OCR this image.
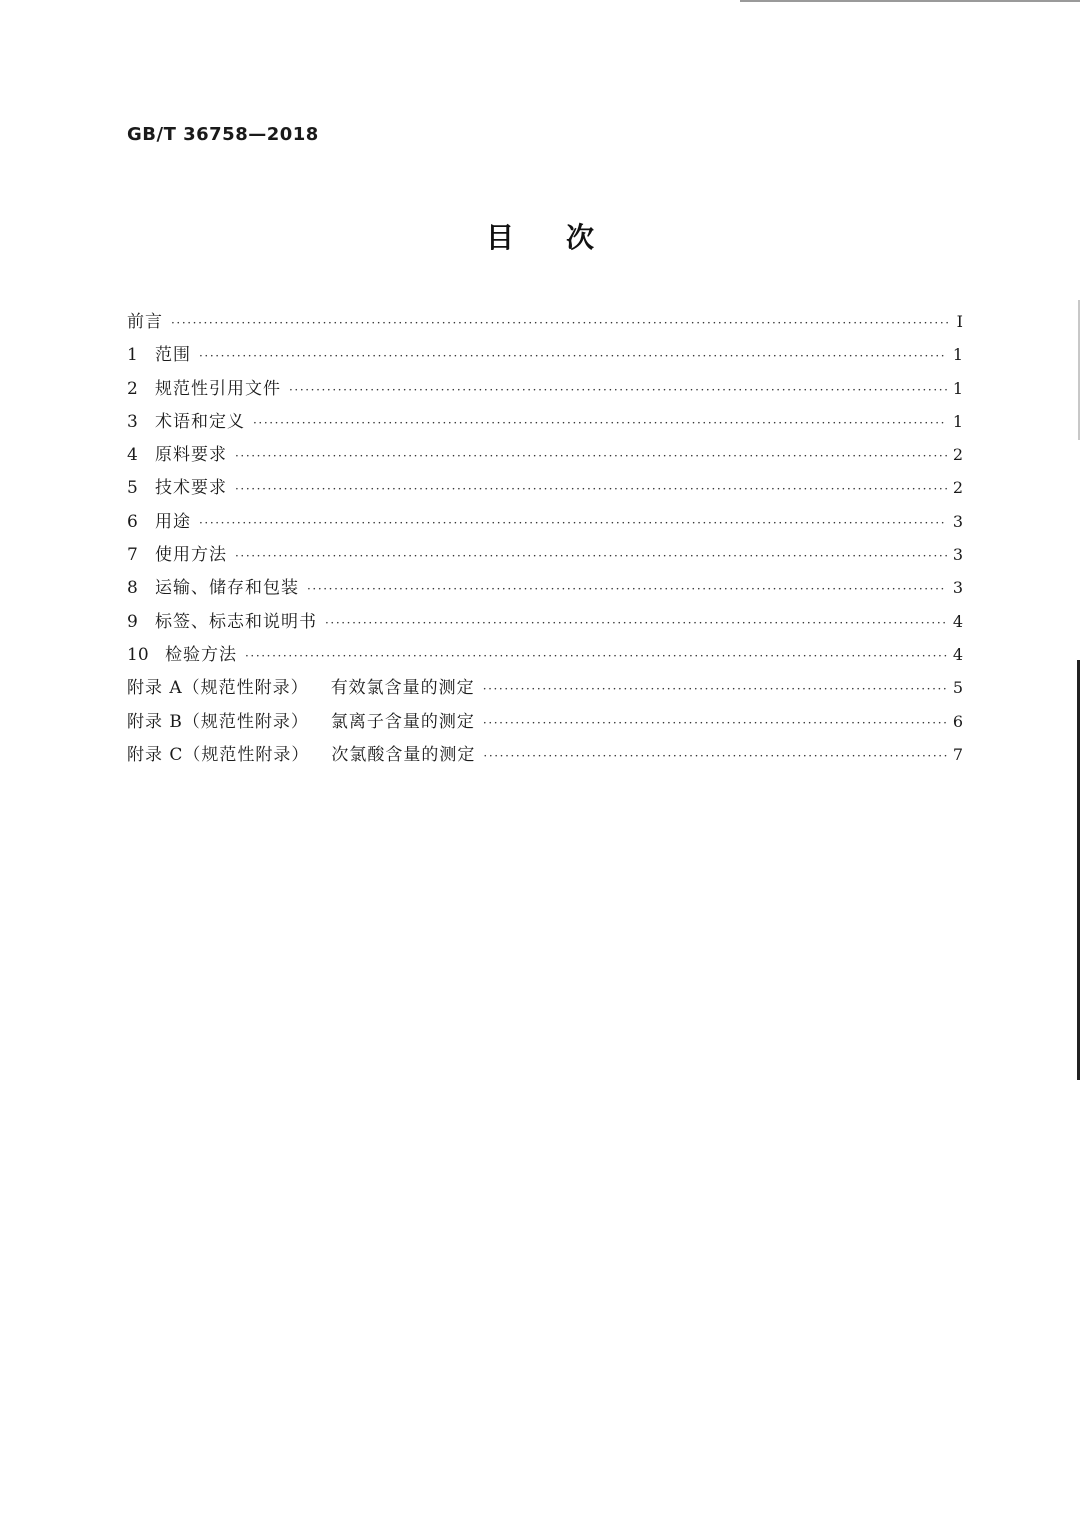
GB/T 36758—2018
目次
前言 ·····	I
1	范围 ·····	1
2	规范性引用文件 ·····	1
3	术语和定义 ·····	1
4	原料要求 ·····	2
5	技术要求 ·····	2
6	用途 ·····	3
7	使用方法 ·····	3
8	运输、储存和包装 ·····	3
9	标签、标志和说明书 ·····	4
10 检验方法 ·····	4
附录 A（规范性附录） 有效氯含量的测定 ·····	5
附录 B（规范性附录） 氯离子含量的测定 ·····	6
附录 C（规范性附录） 次氯酸含量的测定 ·····	7
